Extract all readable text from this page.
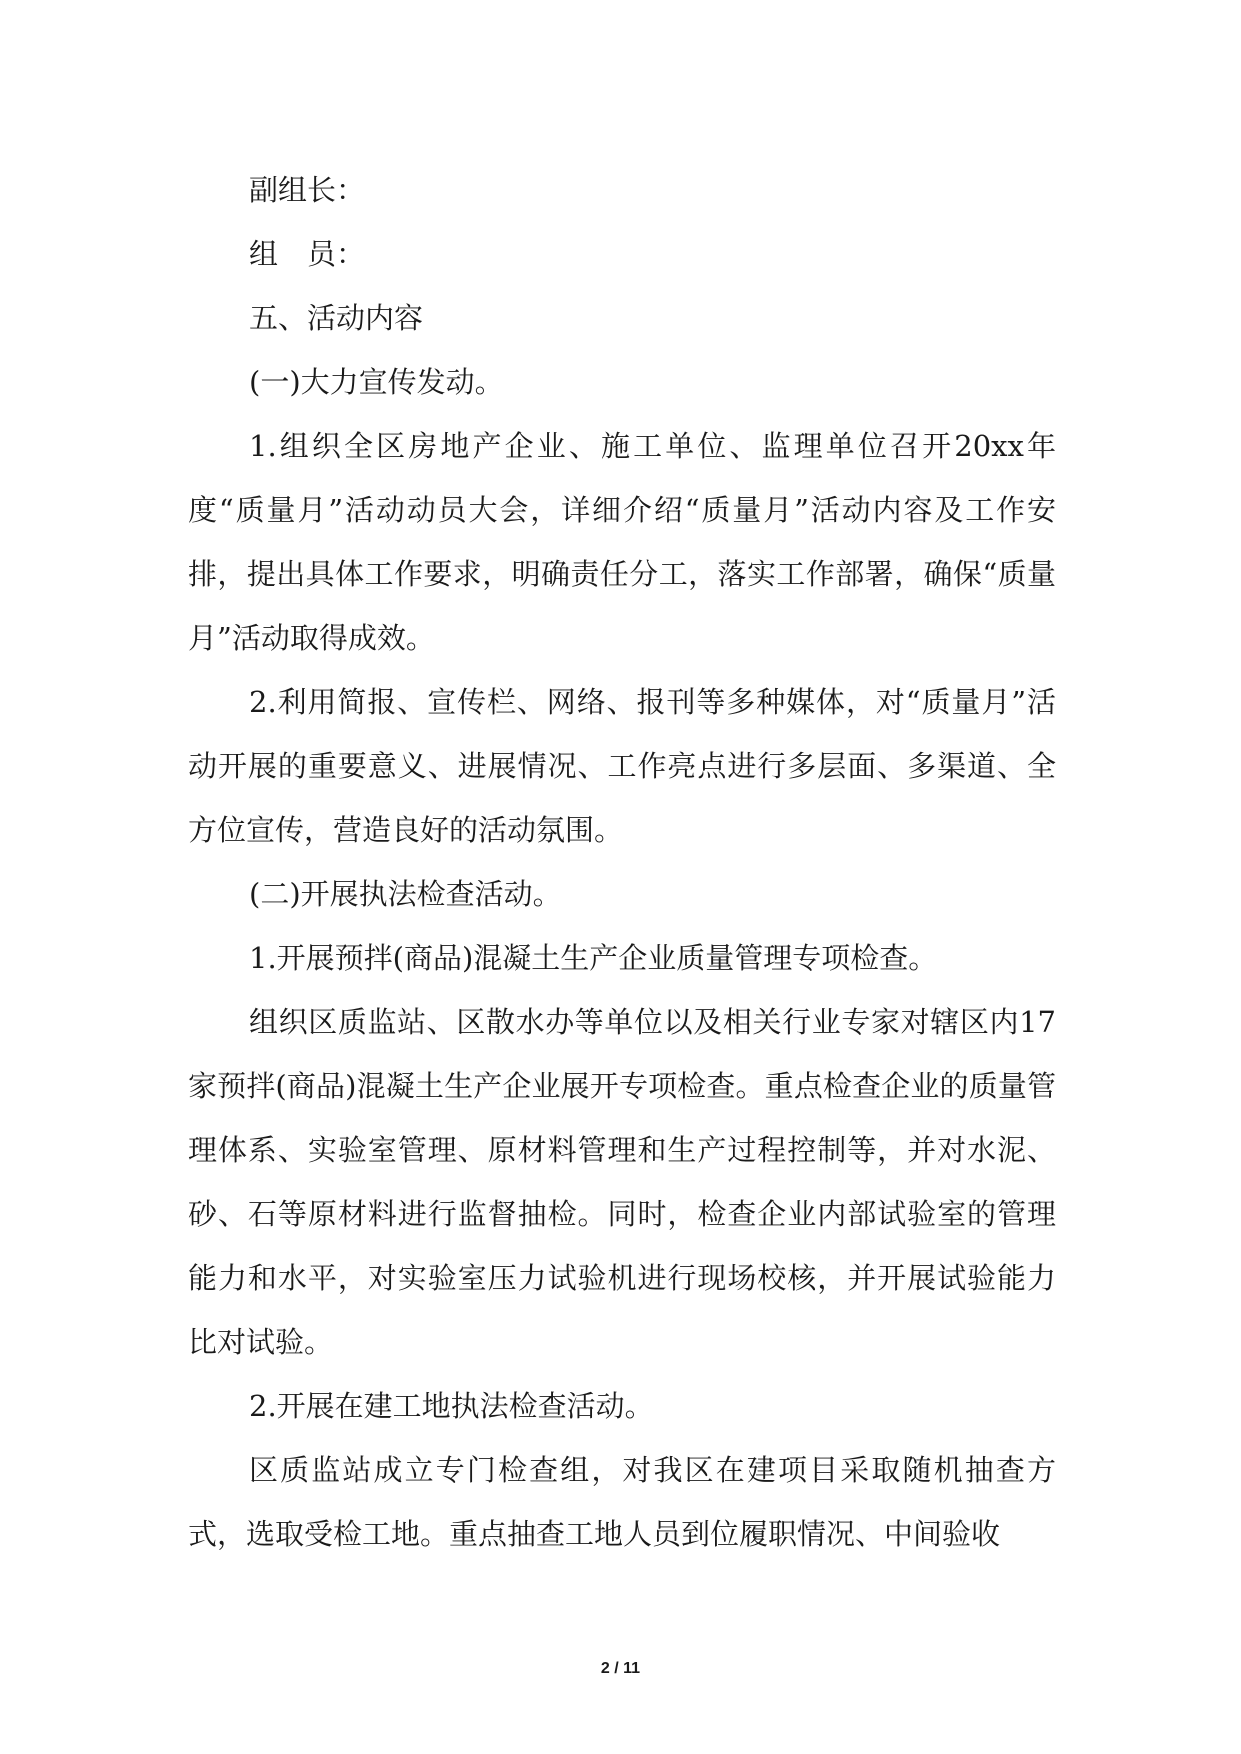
副组长：

组　员：

五、活动内容

(一)大力宣传发动。

1.组织全区房地产企业、施工单位、监理单位召开20xx年度“质量月”活动动员大会，详细介绍“质量月”活动内容及工作安排，提出具体工作要求，明确责任分工，落实工作部署，确保“质量月”活动取得成效。

2.利用简报、宣传栏、网络、报刊等多种媒体，对“质量月”活动开展的重要意义、进展情况、工作亮点进行多层面、多渠道、全方位宣传，营造良好的活动氛围。

(二)开展执法检查活动。

1.开展预拌(商品)混凝土生产企业质量管理专项检查。

组织区质监站、区散水办等单位以及相关行业专家对辖区内17家预拌(商品)混凝土生产企业展开专项检查。重点检查企业的质量管理体系、实验室管理、原材料管理和生产过程控制等，并对水泥、砂、石等原材料进行监督抽检。同时，检查企业内部试验室的管理能力和水平，对实验室压力试验机进行现场校核，并开展试验能力比对试验。

2.开展在建工地执法检查活动。

区质监站成立专门检查组，对我区在建项目采取随机抽查方式，选取受检工地。重点抽查工地人员到位履职情况、中间验收

2 / 11
